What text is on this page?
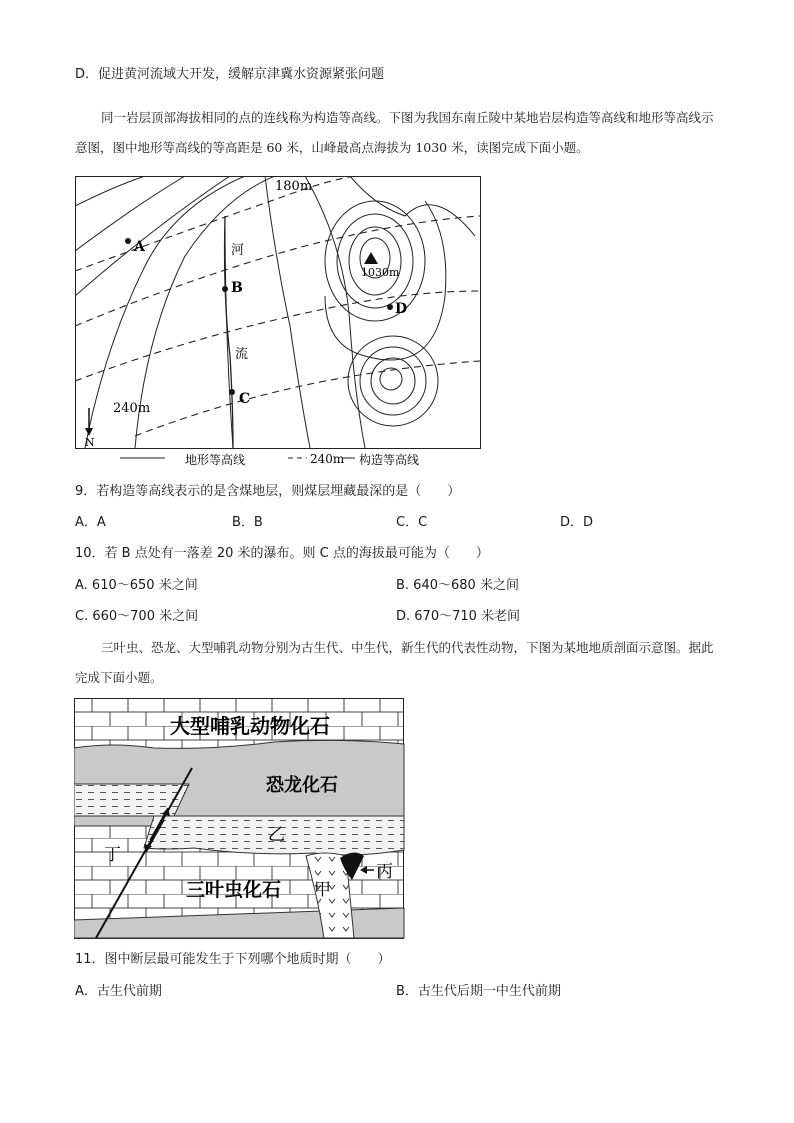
D．促进黄河流域大开发，缓解京津冀水资源紧张问题
同一岩层顶部海拔相同的点的连线称为构造等高线。下图为我国东南丘陵中某地岩层构造等高线和地形等高线示意图，图中地形等高线的等高距是 60 米，山峰最高点海拔为 1030 米，读图完成下面小题。
1030m
180m
240m
河
流
A
B
C
D
N
地形等高线	240m 构造等高线
9．若构造等高线表示的是含煤地层，则煤层埋藏最深的是（　　）
A．A	B．B	C．C	D．D
10．若 B 点处有一落差 20 米的瀑布。则 C 点的海拔最可能为（　　）
A. 610～650 米之间	B. 640～680 米之间
C. 660～700 米之间	D. 670～710 米老间
三叶虫、恐龙、大型哺乳动物分别为古生代、中生代，新生代的代表性动物，下图为某地地质剖面示意图。据此完成下面小题。
大型哺乳动物化石
恐龙化石
乙
丁
三叶虫化石 甲
丙
11．图中断层最可能发生于下列哪个地质时期（　　）
A．古生代前期	B．古生代后期一中生代前期
